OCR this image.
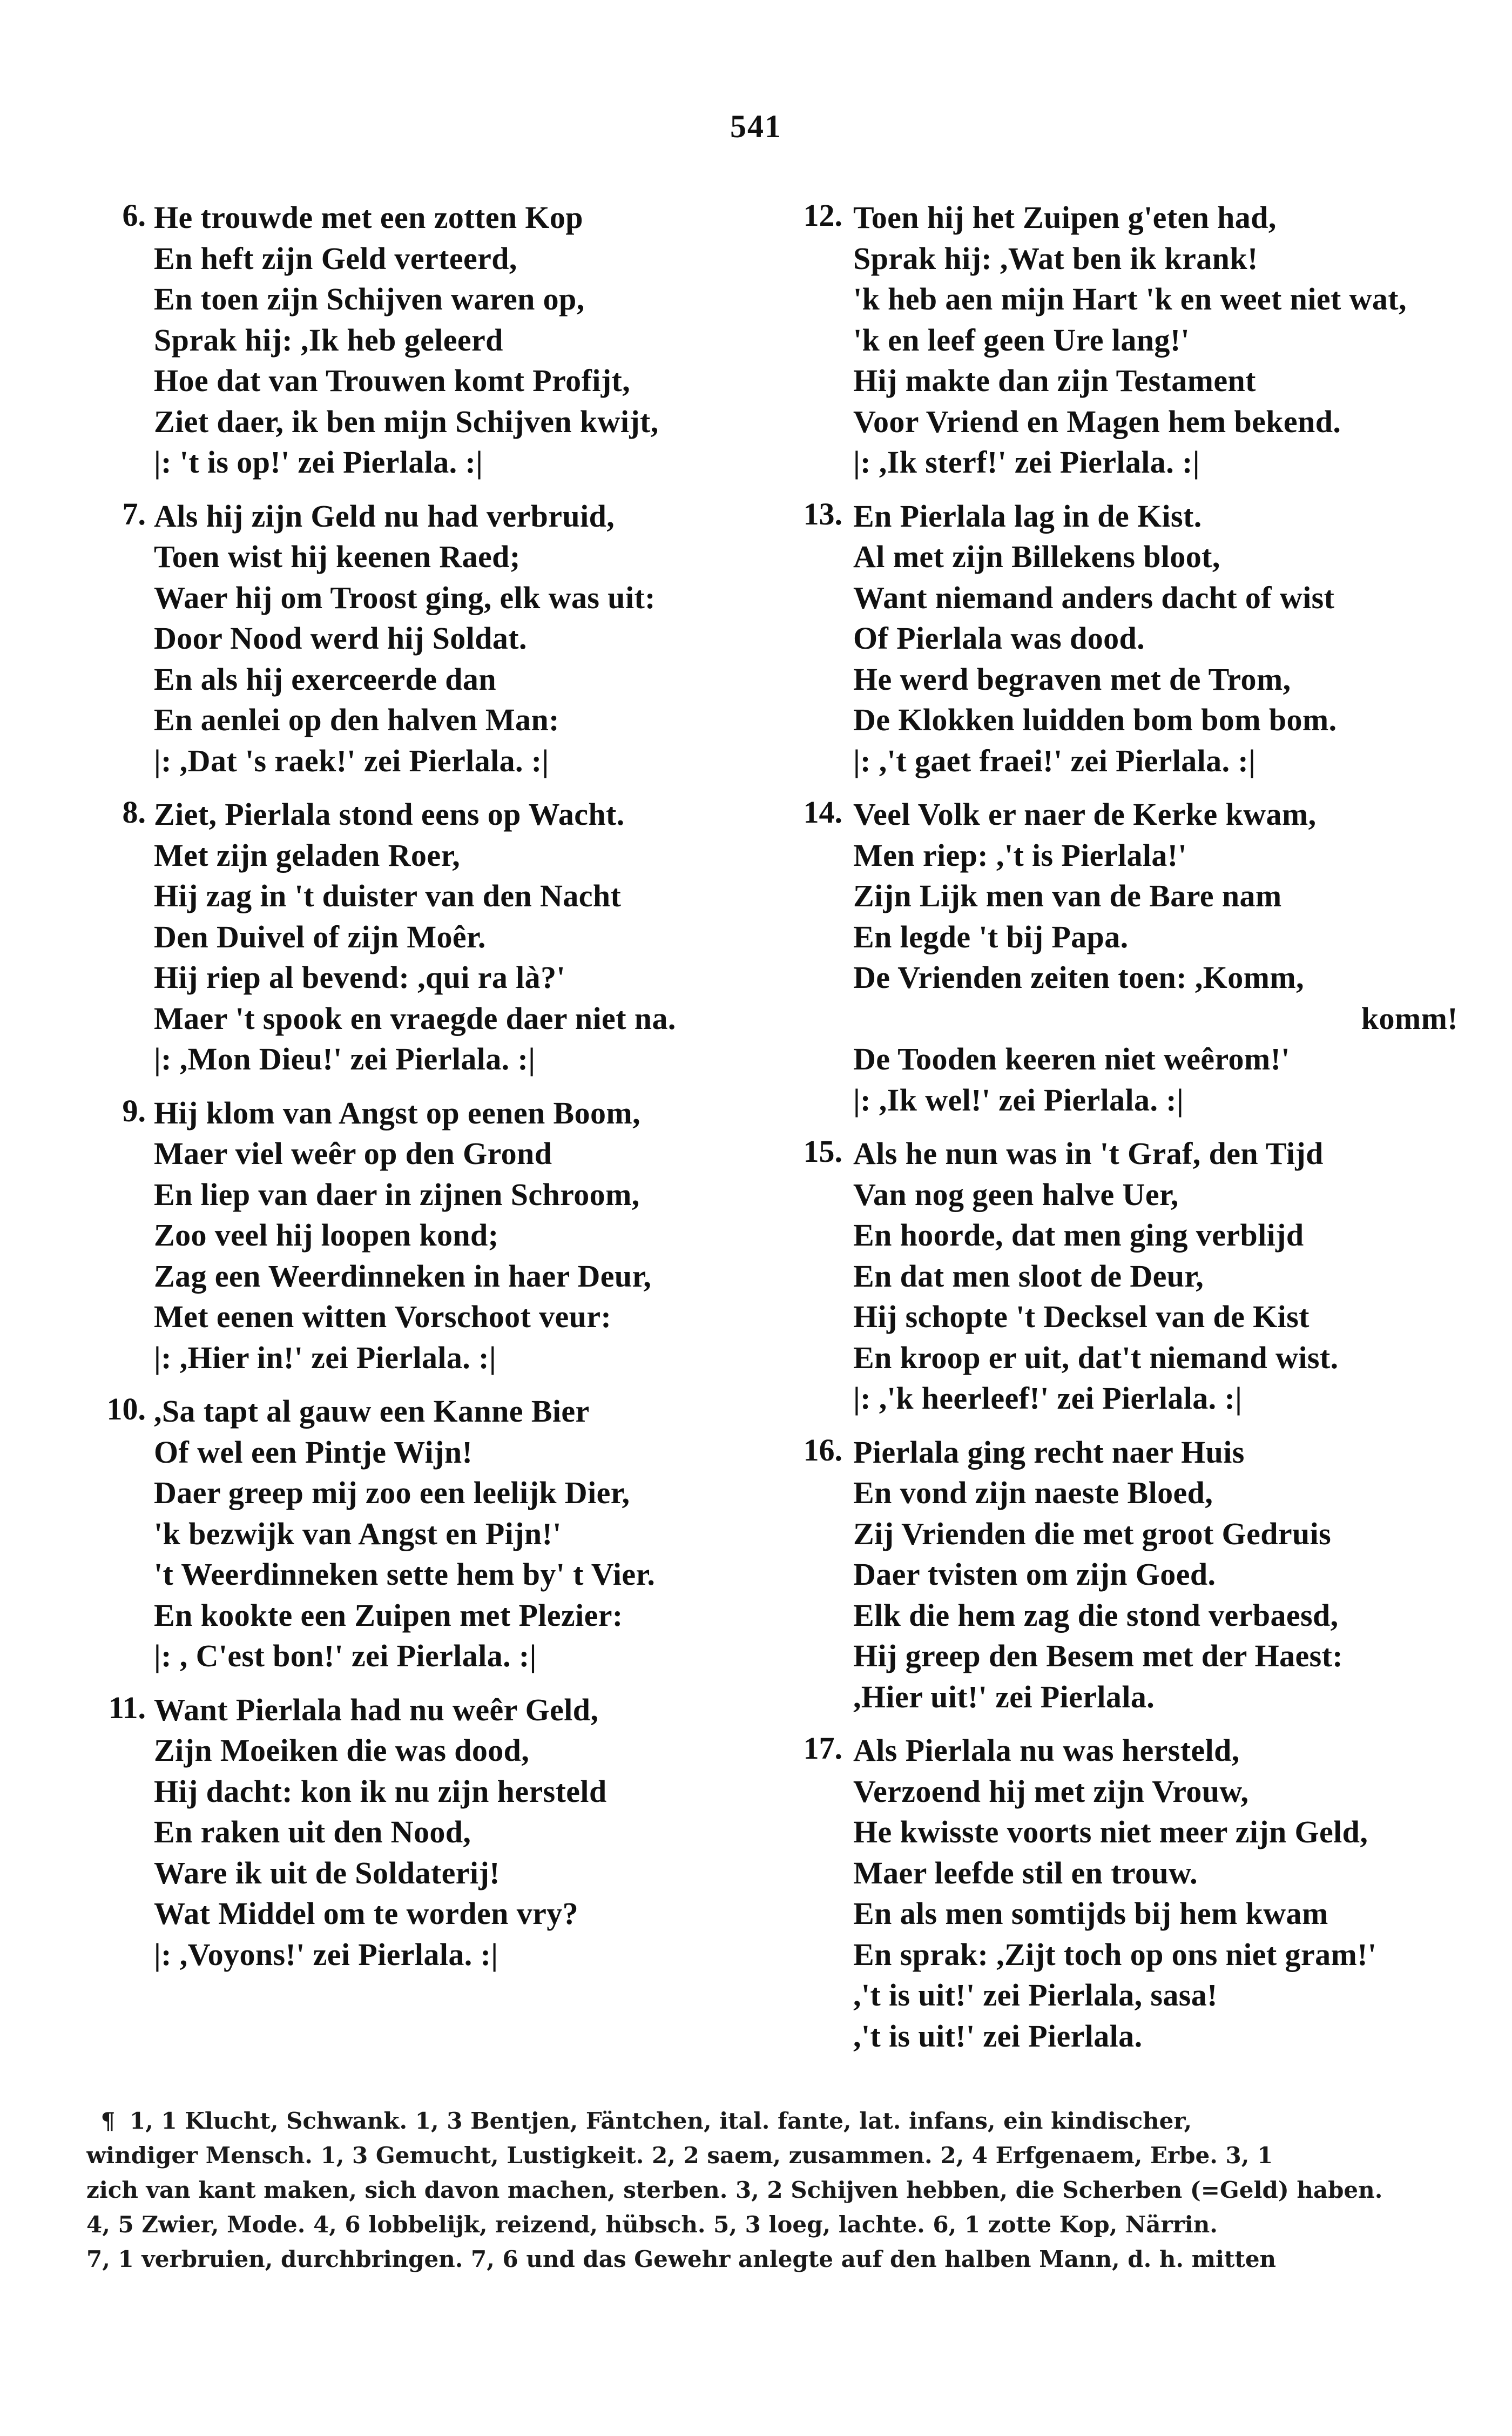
541
6. He trouwde met een zotten Kop
En heft zijn Geld verteerd,
En toen zijn Schijven waren op,
Sprak hij: ,Ik heb geleerd
Hoe dat van Trouwen komt Profijt,
Ziet daer, ik ben mijn Schijven kwijt,
|: 't is op!' zei Pierlala. :|
7. Als hij zijn Geld nu had verbruid,
Toen wist hij keenen Raed;
Waer hij om Troost ging, elk was uit:
Door Nood werd hij Soldat.
En als hij exerceerde dan
En aenlei op den halven Man:
|: ,Dat 's raek!' zei Pierlala. :|
8. Ziet, Pierlala stond eens op Wacht.
Met zijn geladen Roer,
Hij zag in 't duister van den Nacht
Den Duivel of zijn Moêr.
Hij riep al bevend: ,qui ra là?'
Maer 't spook en vraegde daer niet na.
|: ,Mon Dieu!' zei Pierlala. :|
9. Hij klom van Angst op eenen Boom,
Maer viel weêr op den Grond
En liep van daer in zijnen Schroom,
Zoo veel hij loopen kond;
Zag een Weerdinneken in haer Deur,
Met eenen witten Vorschoot veur:
|: ,Hier in!' zei Pierlala. :|
10. ,Sa tapt al gauw een Kanne Bier
Of wel een Pintje Wijn!
Daer greep mij zoo een leelijk Dier,
'k bezwijk van Angst en Pijn!'
't Weerdinneken sette hem by' t Vier.
En kookte een Zuipen met Plezier:
|: , C'est bon!' zei Pierlala. :|
11. Want Pierlala had nu weêr Geld,
Zijn Moeiken die was dood,
Hij dacht: kon ik nu zijn hersteld
En raken uit den Nood,
Ware ik uit de Soldaterij!
Wat Middel om te worden vry?
|: ,Voyons!' zei Pierlala. :|
12. Toen hij het Zuipen g'eten had,
Sprak hij: ,Wat ben ik krank!
'k heb aen mijn Hart 'k en weet niet wat,
'k en leef geen Ure lang!'
Hij makte dan zijn Testament
Voor Vriend en Magen hem bekend.
|: ,Ik sterf!' zei Pierlala. :|
13. En Pierlala lag in de Kist.
Al met zijn Billekens bloot,
Want niemand anders dacht of wist
Of Pierlala was dood.
He werd begraven met de Trom,
De Klokken luidden bom bom bom.
|: ,'t gaet fraei!' zei Pierlala. :|
14. Veel Volk er naer de Kerke kwam,
Men riep: ,'t is Pierlala!'
Zijn Lijk men van de Bare nam
En legde 't bij Papa.
De Vrienden zeiten toen: ,Komm,
komm!
De Tooden keeren niet weêrom!'
|: ,Ik wel!' zei Pierlala. :|
15. Als he nun was in 't Graf, den Tijd
Van nog geen halve Uer,
En hoorde, dat men ging verblijd
En dat men sloot de Deur,
Hij schopte 't Decksel van de Kist
En kroop er uit, dat't niemand wist.
|: ,'k heerleef!' zei Pierlala. :|
16. Pierlala ging recht naer Huis
En vond zijn naeste Bloed,
Zij Vrienden die met groot Gedruis
Daer tvisten om zijn Goed.
Elk die hem zag die stond verbaesd,
Hij greep den Besem met der Haest:
,Hier uit!' zei Pierlala.
17. Als Pierlala nu was hersteld,
Verzoend hij met zijn Vrouw,
He kwisste voorts niet meer zijn Geld,
Maer leefde stil en trouw.
En als men somtijds bij hem kwam
En sprak: ,Zijt toch op ons niet gram!'
,'t is uit!' zei Pierlala, sasa!
,'t is uit!' zei Pierlala.
¶ 1, 1 Klucht, Schwank. 1, 3 Bentjen, Fäntchen, ital. fante, lat. infans, ein kindischer,
windiger Mensch. 1, 3 Gemucht, Lustigkeit. 2, 2 saem, zusammen. 2, 4 Erfgenaem, Erbe. 3, 1
zich van kant maken, sich davon machen, sterben. 3, 2 Schijven hebben, die Scherben (=Geld) haben.
4, 5 Zwier, Mode. 4, 6 lobbelijk, reizend, hübsch. 5, 3 loeg, lachte. 6, 1 zotte Kop, Närrin.
7, 1 verbruien, durchbringen. 7, 6 und das Gewehr anlegte auf den halben Mann, d. h. mitten
